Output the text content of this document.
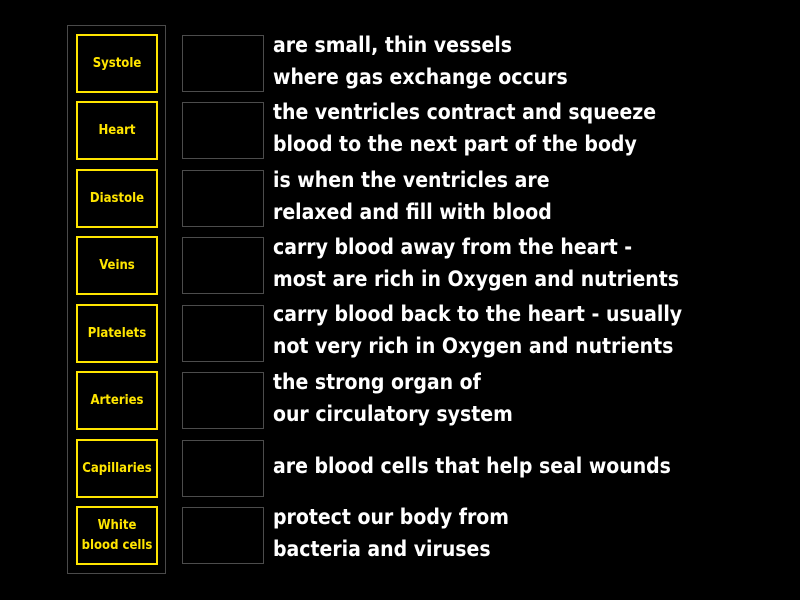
Systole
Heart
Diastole
Veins
Platelets
Arteries
Capillaries
White
blood cells
are small, thin vessels
where gas exchange occurs
the ventricles contract and squeeze
blood to the next part of the body
is when the ventricles are
relaxed and fill with blood
carry blood away from the heart -
most are rich in Oxygen and nutrients
carry blood back to the heart - usually
not very rich in Oxygen and nutrients
the strong organ of
our circulatory system
are blood cells that help seal wounds
protect our body from
bacteria and viruses
